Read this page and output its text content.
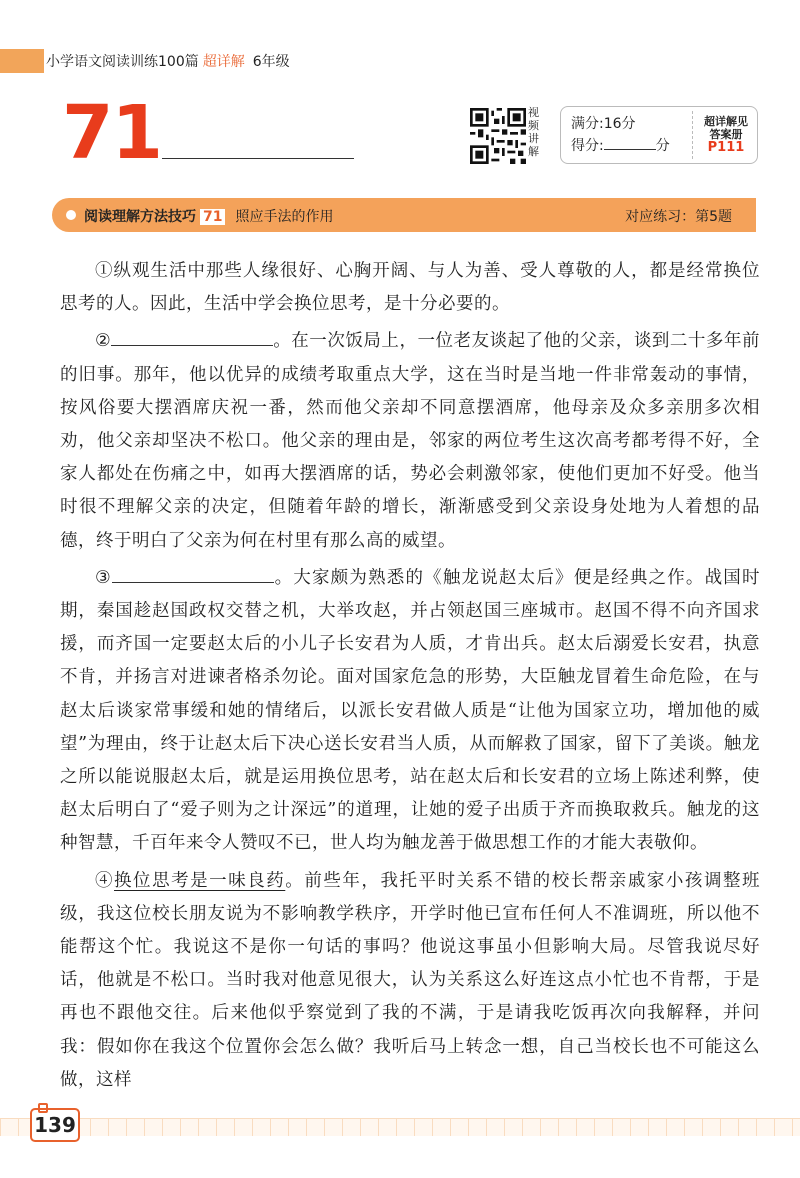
小学语文阅读训练100篇 超详解 6年级
71	视频讲解
满分:16分
得分:	分
超详解见
答案册
P111
阅读理解方法技巧 71 照应手法的作用	对应练习：第5题

①纵观生活中那些人缘很好、心胸开阔、与人为善、受人尊敬的人，都是经常换位思考的人。因此，生活中学会换位思考，是十分必要的。

②	。在一次饭局上，一位老友谈起了他的父亲，谈到二十多年前的旧事。那年，他以优异的成绩考取重点大学，这在当时是当地一件非常轰动的事情，按风俗要大摆酒席庆祝一番，然而他父亲却不同意摆酒席，他母亲及众多亲朋多次相劝，他父亲却坚决不松口。他父亲的理由是，邻家的两位考生这次高考都考得不好，全家人都处在伤痛之中，如再大摆酒席的话，势必会刺激邻家，使他们更加不好受。他当时很不理解父亲的决定，但随着年龄的增长，渐渐感受到父亲设身处地为人着想的品德，终于明白了父亲为何在村里有那么高的威望。

③	。大家颇为熟悉的《触龙说赵太后》便是经典之作。战国时期，秦国趁赵国政权交替之机，大举攻赵，并占领赵国三座城市。赵国不得不向齐国求援，而齐国一定要赵太后的小儿子长安君为人质，才肯出兵。赵太后溺爱长安君，执意不肯，并扬言对进谏者格杀勿论。面对国家危急的形势，大臣触龙冒着生命危险，在与赵太后谈家常事缓和她的情绪后，以派长安君做人质是“让他为国家立功，增加他的威望”为理由，终于让赵太后下决心送长安君当人质，从而解救了国家，留下了美谈。触龙之所以能说服赵太后，就是运用换位思考，站在赵太后和长安君的立场上陈述利弊，使赵太后明白了“爱子则为之计深远”的道理，让她的爱子出质于齐而换取救兵。触龙的这种智慧，千百年来令人赞叹不已，世人均为触龙善于做思想工作的才能大表敬仰。

④换位思考是一味良药。前些年，我托平时关系不错的校长帮亲戚家小孩调整班级，我这位校长朋友说为不影响教学秩序，开学时他已宣布任何人不准调班，所以他不能帮这个忙。我说这不是你一句话的事吗？他说这事虽小但影响大局。尽管我说尽好话，他就是不松口。当时我对他意见很大，认为关系这么好连这点小忙也不肯帮，于是再也不跟他交往。后来他似乎察觉到了我的不满，于是请我吃饭再次向我解释，并问我：假如你在我这个位置你会怎么做？我听后马上转念一想，自己当校长也不可能这么做，这样

139
